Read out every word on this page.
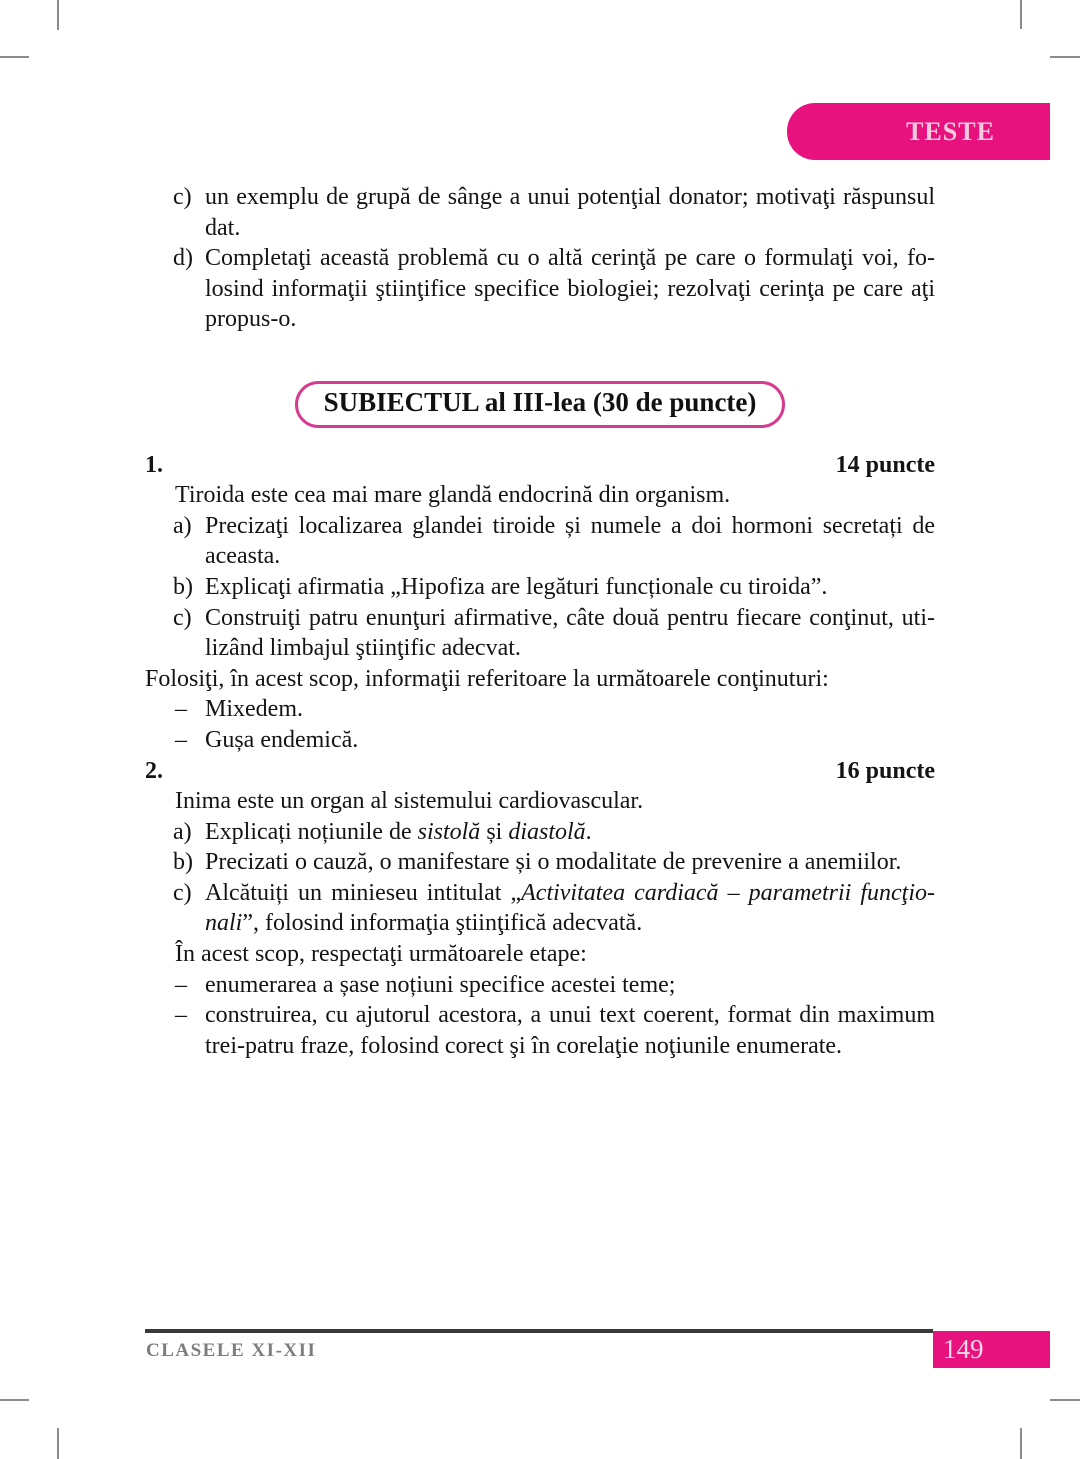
TESTE
c) un exemplu de grupă de sânge a unui potenţial donator; motivaţi răspunsul dat.
d) Completaţi această problemă cu o altă cerinţă pe care o formulaţi voi, folosind informaţii ştiinţifice specifice biologiei; rezolvaţi cerinţa pe care aţi propus-o.
SUBIECTUL al III-lea (30 de puncte)
1.	14 puncte
Tiroida este cea mai mare glandă endocrină din organism.
a) Precizaţi localizarea glandei tiroide și numele a doi hormoni secretați de aceasta.
b) Explicaţi afirmatia „Hipofiza are legături funcționale cu tiroida”.
c) Construiţi patru enunţuri afirmative, câte două pentru fiecare conţinut, utilizând limbajul ştiinţific adecvat.
Folosiţi, în acest scop, informaţii referitoare la următoarele conţinuturi:
– Mixedem.
– Gușa endemică.
2.	16 puncte
Inima este un organ al sistemului cardiovascular.
a) Explicați noțiunile de sistolă și diastolă.
b) Precizati o cauză, o manifestare și o modalitate de prevenire a anemiilor.
c) Alcătuiți un minieseu intitulat „Activitatea cardiacă – parametrii funcţionali”, folosind informaţia ştiinţifică adecvată.
În acest scop, respectaţi următoarele etape:
– enumerarea a șase noțiuni specifice acestei teme;
– construirea, cu ajutorul acestora, a unui text coerent, format din maximum trei-patru fraze, folosind corect şi în corelaţie noţiunile enumerate.
CLASELE XI-XII	149
